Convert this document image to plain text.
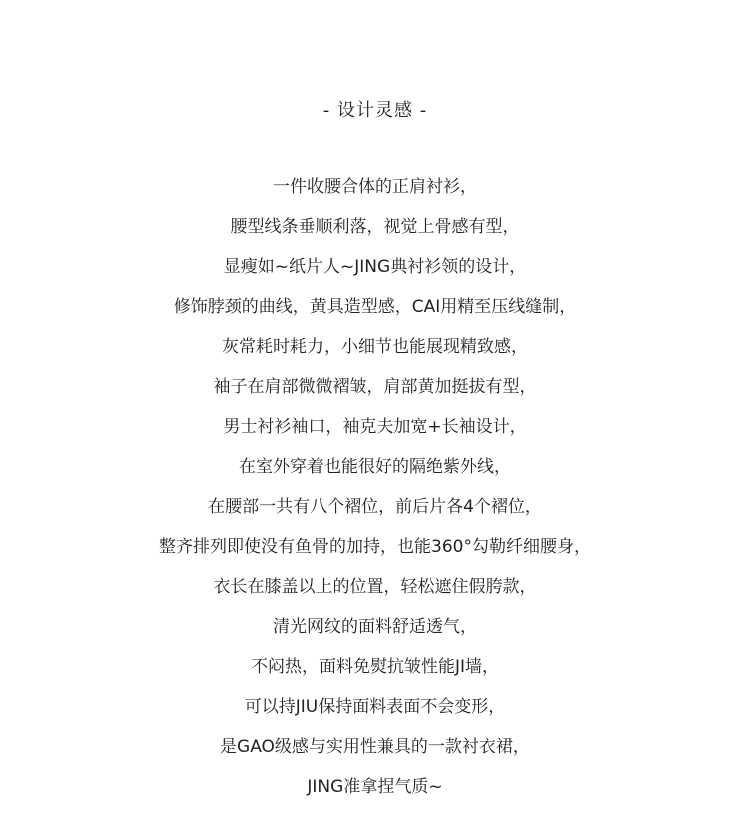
- 设计灵感 -
一件收腰合体的正肩衬衫，
腰型线条垂顺利落，视觉上骨感有型，
显瘦如~纸片人~JING典衬衫领的设计，
修饰脖颈的曲线，黄具造型感，CAI用精至压线缝制，
灰常耗时耗力，小细节也能展现精致感，
袖子在肩部微微褶皱，肩部黄加挺拔有型，
男士衬衫袖口，袖克夫加宽+长袖设计，
在室外穿着也能很好的隔绝紫外线，
在腰部一共有八个褶位，前后片各4个褶位，
整齐排列即使没有鱼骨的加持，也能360°勾勒纤细腰身，
衣长在膝盖以上的位置，轻松遮住假胯款，
清光网纹的面料舒适透气，
不闷热，面料免熨抗皱性能JI墙，
可以持JIU保持面料表面不会变形，
是GAO级感与实用性兼具的一款衬衣裙，
JING准拿捏气质~
